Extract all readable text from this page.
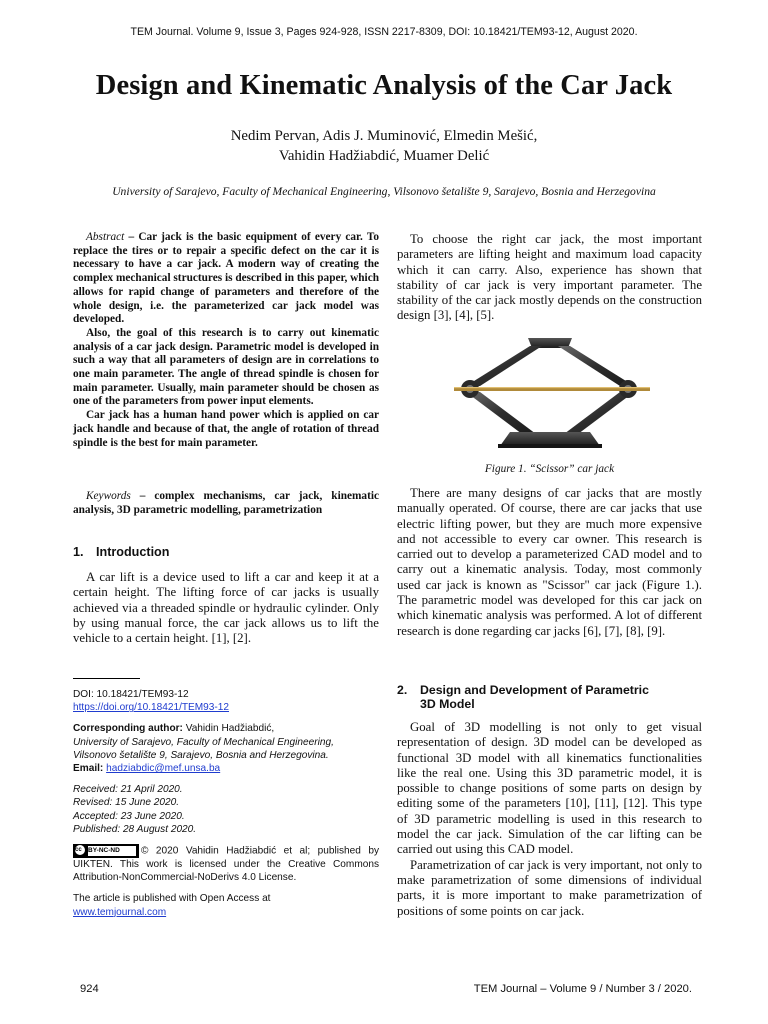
TEM Journal. Volume 9, Issue 3, Pages 924-928, ISSN 2217-8309, DOI: 10.18421/TEM93-12, August 2020.
Design and Kinematic Analysis of the Car Jack
Nedim Pervan, Adis J. Muminović, Elmedin Mešić,
Vahidin Hadžiabdić, Muamer Delić
University of Sarajevo, Faculty of Mechanical Engineering, Vilsonovo šetalište 9, Sarajevo, Bosnia and Herzegovina

Abstract – Car jack is the basic equipment of every car. To replace the tires or to repair a specific defect on the car it is necessary to have a car jack. A modern way of creating the complex mechanical structures is described in this paper, which allows for rapid change of parameters and therefore of the whole design, i.e. the parameterized car jack model was developed.

Also, the goal of this research is to carry out kinematic analysis of a car jack design. Parametric model is developed in such a way that all parameters of design are in correlations to one main parameter. The angle of thread spindle is chosen for main parameter. Usually, main parameter should be chosen as one of the parameters from power input elements.

Car jack has a human hand power which is applied on car jack handle and because of that, the angle of rotation of thread spindle is the best for main parameter.

Keywords – complex mechanisms, car jack, kinematic analysis, 3D parametric modelling, parametrization

1. Introduction

A car lift is a device used to lift a car and keep it at a certain height. The lifting force of car jacks is usually achieved via a threaded spindle or hydraulic cylinder. Only by using manual force, the car jack allows us to lift the vehicle to a certain height. [1], [2].

DOI: 10.18421/TEM93-12

https://doi.org/10.18421/TEM93-12

Corresponding author: Vahidin Hadžiabdić,

University of Sarajevo, Faculty of Mechanical Engineering,

Vilsonovo šetalište 9, Sarajevo, Bosnia and Herzegovina.

Email: hadziabdic@mef.unsa.ba

Received: 21 April 2020.

Revised: 15 June 2020.

Accepted: 23 June 2020.

Published: 28 August 2020.

cc BY-NC-ND	© 2020 Vahidin Hadžiabdić et al; published by UIKTEN. This work is licensed under the Creative Commons Attribution-NonCommercial-NoDerivs 4.0 License.

The article is published with Open Access at

www.temjournal.com

To choose the right car jack, the most important parameters are lifting height and maximum load capacity which it can carry. Also, experience has shown that stability of car jack is very important parameter. The stability of the car jack mostly depends on the construction design [3], [4], [5].

Figure 1. “Scissor” car jack

There are many designs of car jacks that are mostly manually operated. Of course, there are car jacks that use electric lifting power, but they are much more expensive and not accessible to every car owner. This research is carried out to develop a parameterized CAD model and to carry out a kinematic analysis. Today, most commonly used car jack is known as "Scissor" car jack (Figure 1.). The parametric model was developed for this car jack on which kinematic analysis was performed. A lot of different research is done regarding car jacks [6], [7], [8], [9].

2. Design and Development of Parametric

3D Model

Goal of 3D modelling is not only to get visual representation of design. 3D model can be developed as functional 3D model with all kinematics functionalities like the real one. Using this 3D parametric model, it is possible to change positions of some parts on design by editing some of the parameters [10], [11], [12]. This type of 3D parametric modelling is used in this research to model the car jack. Simulation of the car lifting can be carried out using this CAD model.

Parametrization of car jack is very important, not only to make parametrization of some dimensions of individual parts, it is more important to make parametrization of positions of some points on car jack.

924	TEM Journal – Volume 9 / Number 3 / 2020.
